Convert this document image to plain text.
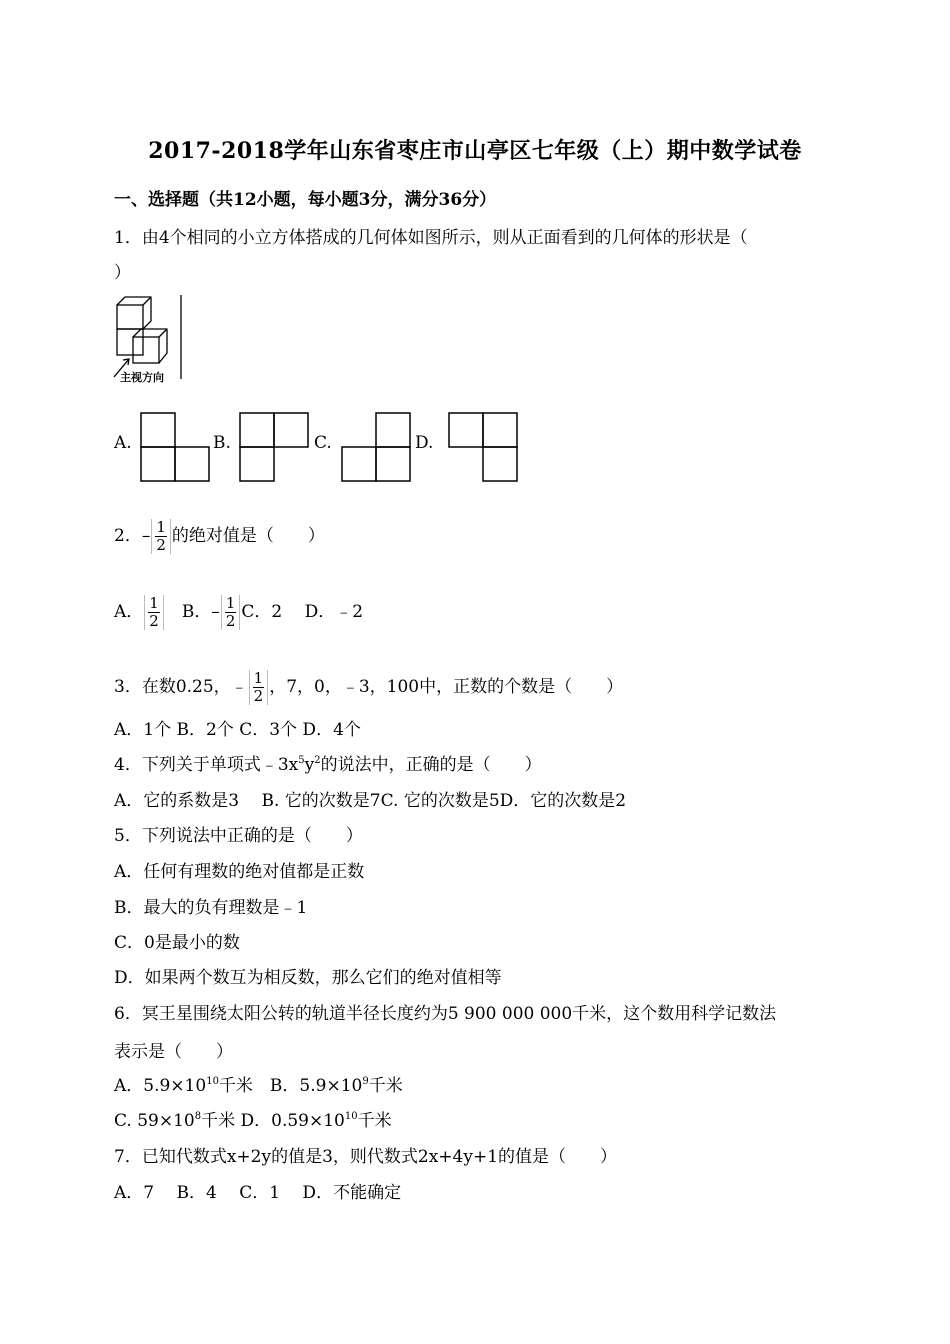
2017-2018学年山东省枣庄市山亭区七年级（上）期中数学试卷
一、选择题（共12小题，每小题3分，满分36分）
1．由4个相同的小立方体搭成的几何体如图所示，则从正面看到的几何体的形状是（
）
主视方向
A.	B.	C.	D.
2．– $\frac{1}{2}$ 的绝对值是（　　）
A． $\frac{1}{2}$ 　B．– $\frac{1}{2}$ C．2　 D．﹣2
3．在数0.25，﹣ $\frac{1}{2}$ ，7，0，﹣3，100中，正数的个数是（　　）
A．1个 B．2个 C．3个 D．4个
4．下列关于单项式$﹣3x^5y^2$的说法中，正确的是（　　）
A．它的系数是3　 B. 它的次数是7C. 它的次数是5D．它的次数是2
5．下列说法中正确的是（　　）
A．任何有理数的绝对值都是正数
B．最大的负有理数是﹣1
C．0是最小的数
D．如果两个数互为相反数，那么它们的绝对值相等
6．冥王星围绕太阳公转的轨道半径长度约为5 900 000 000千米，这个数用科学记数法
表示是（　　）
A．$5.9\times 10^{10}$千米　B．$5.9\times 10^9$千米
C. $59\times 10^8$千米 D．$0.59\times 10^{10}$千米
7．已知代数式x+2y的值是3，则代数式2x+4y+1的值是（　　）
A．7　 B．4　 C．1　 D．不能确定
